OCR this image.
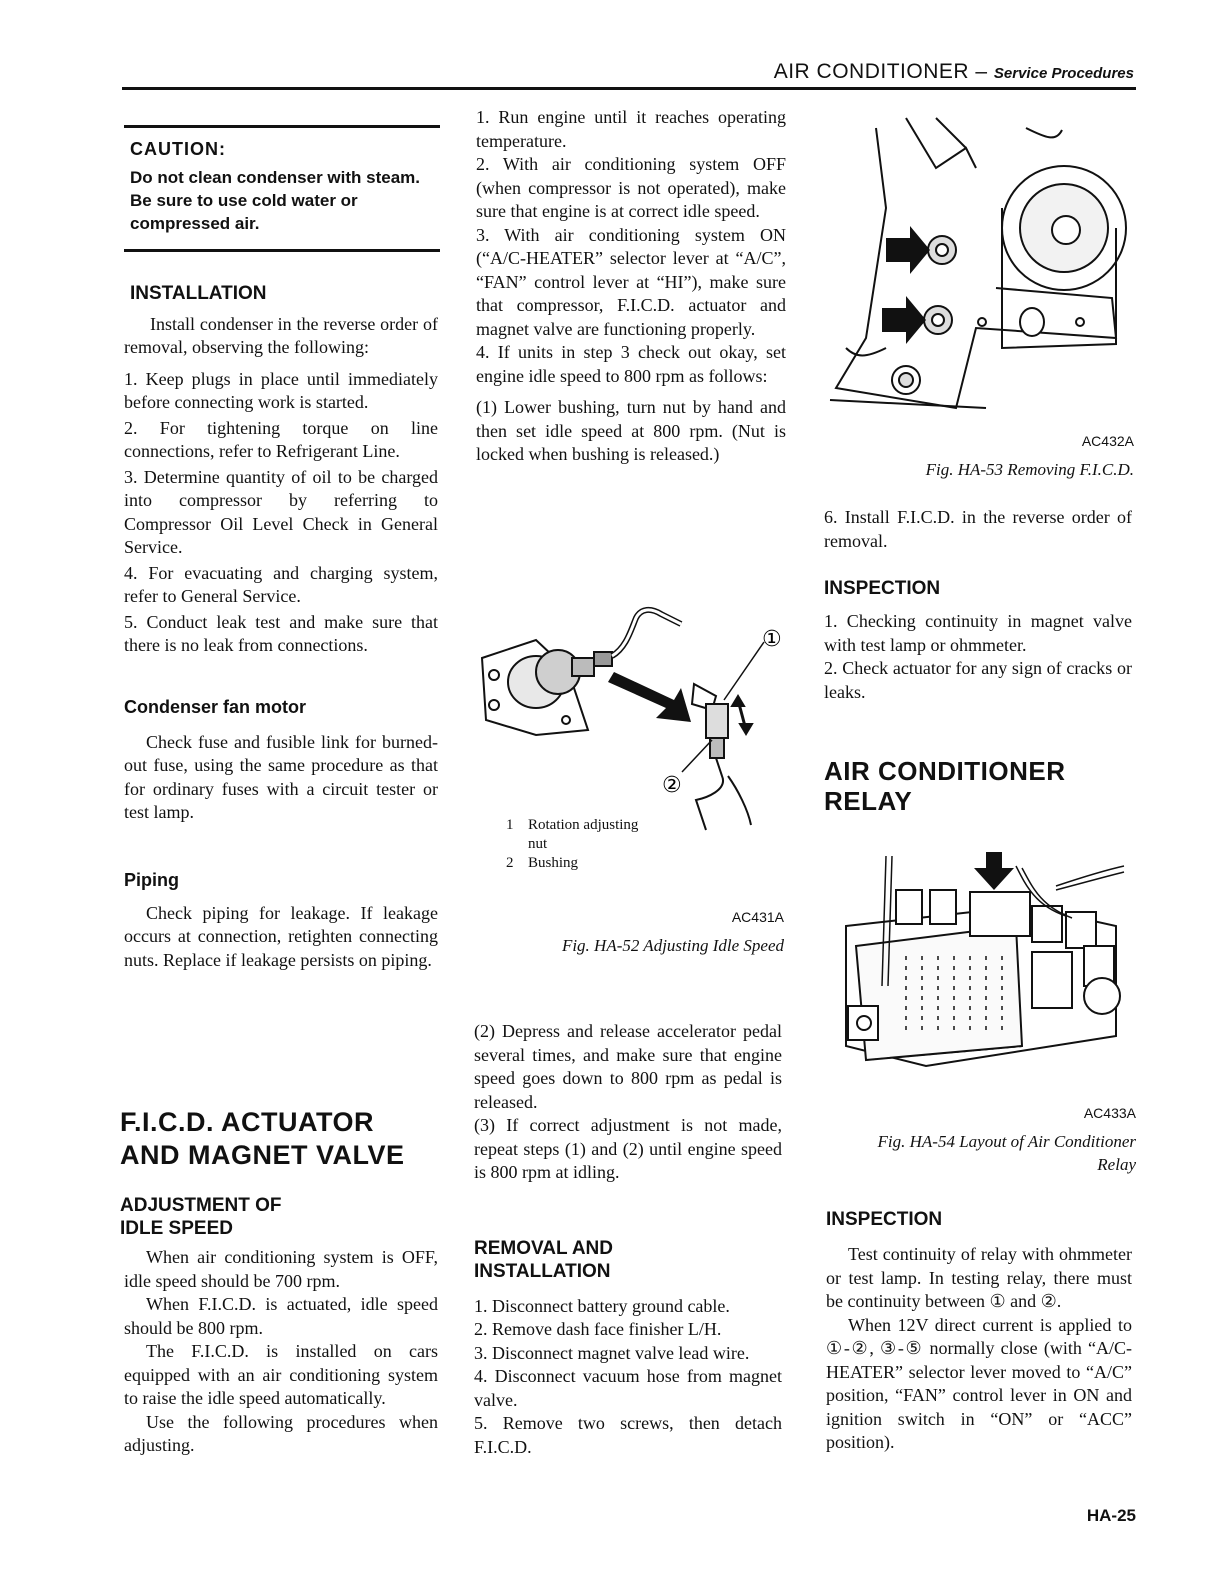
AIR CONDITIONER – Service Procedures
CAUTION:
Do not clean condenser with steam. Be sure to use cold water or compressed air.
INSTALLATION

Install condenser in the reverse order of removal, observing the following:

1. Keep plugs in place until immediately before connecting work is started.

2. For tightening torque on line connections, refer to Refrigerant Line.

3. Determine quantity of oil to be charged into compressor by referring to Compressor Oil Level Check in General Service.

4. For evacuating and charging system, refer to General Service.

5. Conduct leak test and make sure that there is no leak from connections.

Condenser fan motor

Check fuse and fusible link for burned-out fuse, using the same procedure as that for ordinary fuses with a circuit tester or test lamp.

Piping

Check piping for leakage. If leakage occurs at connection, retighten connecting nuts. Replace if leakage persists on piping.

F.I.C.D. ACTUATOR
AND MAGNET VALVE
ADJUSTMENT OF
IDLE SPEED

When air conditioning system is OFF, idle speed should be 700 rpm.

When F.I.C.D. is actuated, idle speed should be 800 rpm.

The F.I.C.D. is installed on cars equipped with an air conditioning system to raise the idle speed automatically.

Use the following procedures when adjusting.

1. Run engine until it reaches operating temperature.

2. With air conditioning system OFF (when compressor is not operated), make sure that engine is at correct idle speed.

3. With air conditioning system ON (“A/C-HEATER” selector lever at “A/C”, “FAN” control lever at “HI”), make sure that compressor, F.I.C.D. actuator and magnet valve are functioning properly.

4. If units in step 3 check out okay, set engine idle speed to 800 rpm as follows:

(1) Lower bushing, turn nut by hand and then set idle speed at 800 rpm. (Nut is locked when bushing is released.)

①
②
1 Rotation adjusting nut
2 Bushing
AC431A
Fig. HA-52 Adjusting Idle Speed

(2) Depress and release accelerator pedal several times, and make sure that engine speed goes down to 800 rpm as pedal is released.

(3) If correct adjustment is not made, repeat steps (1) and (2) until engine speed is 800 rpm at idling.

REMOVAL AND
INSTALLATION

1. Disconnect battery ground cable.

2. Remove dash face finisher L/H.

3. Disconnect magnet valve lead wire.

4. Disconnect vacuum hose from magnet valve.

5. Remove two screws, then detach F.I.C.D.

AC432A
Fig. HA-53 Removing F.I.C.D.

6. Install F.I.C.D. in the reverse order of removal.

INSPECTION

1. Checking continuity in magnet valve with test lamp or ohmmeter.

2. Check actuator for any sign of cracks or leaks.

AIR CONDITIONER
RELAY
AC433A
Fig. HA-54 Layout of Air Conditioner
Relay
INSPECTION

Test continuity of relay with ohmmeter or test lamp. In testing relay, there must be continuity between ① and ②.

When 12V direct current is applied to ①-②, ③-⑤ normally close (with “A/C-HEATER” selector lever moved to “A/C” position, “FAN” control lever in ON and ignition switch in “ON” or “ACC” position).

HA-25
